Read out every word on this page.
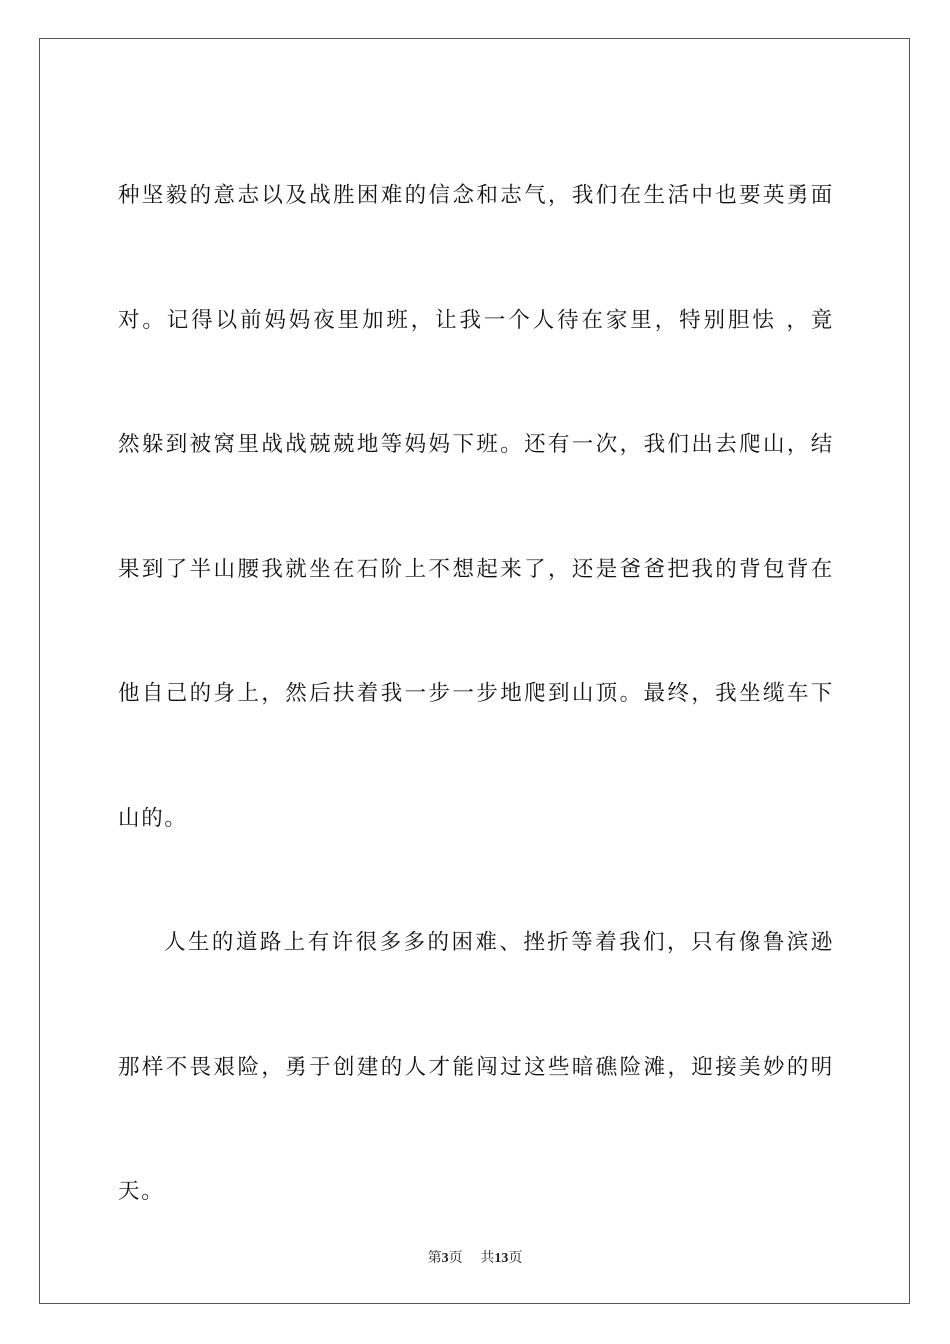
种坚毅的意志以及战胜困难的信念和志气，我们在生活中也要英勇面
对。记得以前妈妈夜里加班，让我一个人待在家里，特别胆怯 ，竟
然躲到被窝里战战兢兢地等妈妈下班。还有一次，我们出去爬山，结
果到了半山腰我就坐在石阶上不想起来了，还是爸爸把我的背包背在
他自己的身上，然后扶着我一步一步地爬到山顶。最终，我坐缆车下
山的。
人生的道路上有许很多多的困难、挫折等着我们，只有像鲁滨逊
那样不畏艰险，勇于创建的人才能闯过这些暗礁险滩，迎接美妙的明
天。
第3页 共13页
